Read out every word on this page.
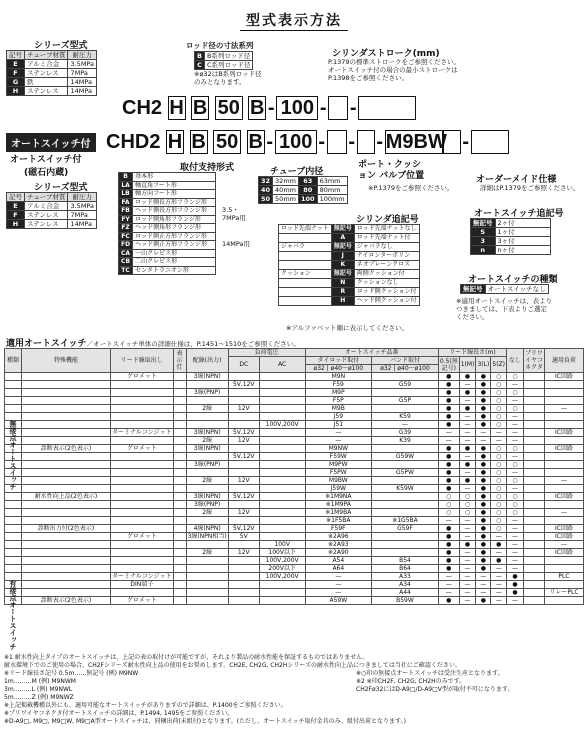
型式表示方法
シリーズ型式
記号	チューブ材質	耐圧力
E	アルミ合金	3.5MPa
F	ステンレス	7MPa
G	鉄	14MPa
H	ステンレス	14MPa
ロッド径の寸法系列
B	B系列ロッド径
C	C系列ロッド径
※ø32はB系列ロッド径
のみとなります。
シリンダストローク(mm)
P.1379の標準ストロークをご参照ください。
オートスイッチ付の場合の最小ストロークは
P.1398をご参照ください。
CH2 H B 50 B - 100 - -
オートスイッチ付 CHD2 H B 50 B - 100 - - - M9BW -
オートスイッチ付
(磁石内蔵)
シリーズ型式
記号	チューブ材質	耐圧力
E	アルミ合金	3.5MPa
F	ステンレス	7MPa
H	ステンレス	14MPa
取付支持形式
B	基本形
LA	軸直角フート形
LB	軸方向フート形
FA	ロッド側長方形フランジ形
FB	ヘッド側長方形フランジ形
FY	ロッド側角形フランジ形
FZ	ヘッド側角形フランジ形
FC	ロッド側正方形フランジ形
FD	ヘッド側正方形フランジ形
CA	一山クレビス形
CB	二山クレビス形
TC	センタトラニオン形
3.5・7MPa用
14MPa用
チューブ内径
32	32mm	63	63mm
40	40mm	80	80mm
50	50mm	100	100mm
ポート・クッション バルブ位置
※P.1379をご参照ください。
シリンダ追記号
ロッド先端ナット	無記号	ロッド先端ナットなし
	A	ロッド先端ナット付
ジャバラ	無記号	ジャバラなし
	J	ナイロンターポリン
	K	ネオプレーンクロス
クッション	無記号	両側クッション付
	N	クッションなし
	R	ロッド側クッション付
	H	ヘッド側クッション付
※アルファベット順に表示してください。
オーダーメイド仕様
詳細はP.1379をご参照ください。
オートスイッチ追記号
無記号	2ヶ付
S	1ヶ付
3	3ヶ付
n	nヶ付
オートスイッチの種類
無記号	オートスイッチなし
※適用オートスイッチは、表より
つきましては、下表よりご選定
ください。
適用オートスイッチ／オートスイッチ単体の詳細仕様は、P.1451〜1510をご参照ください。
種類	特殊機能	リード線取出し	表示灯	配線(出力)	負荷電圧		オートスイッチ品番		リード線長さ(m)				なし	プリワイヤコネクタ	適用負荷
					DC	AC	タイロッド取付	バンド取付	0.5(無記号)	1(M)	3(L)	5(Z)			
							ø32 | ø40〜ø100	ø32 | ø40〜ø100							
		グロメット		3線(NPN)			M9N		●	●	●	○	○		IC回路
					5V,12V		F59	G59	●	—	●	○	—		
				3線(PNP)			M9P		●	●	●	○	○		
							F5P	G5P	●	—	●	○	—		
				2線	12V		M9B		●	●	●	○	○		—
							J59	K59	●	—	●	○	—		
						100V,200V	J51	—	●	—	●	○	—		
		ターミナルコンジット		3線(NPN)	5V,12V		—	G39	—	—	—	—	—		IC回路
				2線	12V		—	K39	—	—	—	—	—		
	診断表示(2色表示)	グロメット		3線(NPN)			M9NW		●	●	●	○	○		IC回路
					5V,12V		F59W	G59W	●	—	●	○	—		
				3線(PNP)			M9PW		●	●	●	○	○		
							F5PW	G5PW	●	—	●	○	—		
				2線	12V		M9BW		●	●	●	○	○		—
							J59W	K59W	●	—	●	○	—		
	耐水性向上品(2色表示)			3線(NPN)	5V,12V		※1M9NA		○	○	●	○	○		IC回路
				3線(PNP)			※1M9PA		○	○	●	○	○		
				2線	12V		※1M9BA		○	○	●	○	○		—
							※1F5BA	※1G5BA	—	—	●	○	—		
	診断出力付(2色表示)			4線(NPN)	5V,12V		F59F	G59F	●	—	●	○	—		IC回路
		グロメット		3線(NPN相当)	5V		※2A96		●	—	●	—	—		IC回路
						100V	※2A93		●	●	●	●	—		—
				2線	12V	100V以下	※2A90		●	—	●	—	—		IC回路
						100V,200V	A54	B54	●	—	●	●	—		
						200V以下	A64	B64	●	—	●	—	—		
		ターミナルコンジット				100V,200V	—	A33	—	—	—	—	●		PLC
		DIN端子					—	A34	—	—	—	—	●		
							—	A44	—	—	—	—	●		リレーPLC
	診断表示(2色表示)	グロメット					A59W	B59W	●	—	●	—	—		
無接点オートスイッチ
有接点オートスイッチ
※1 耐水性向上タイプのオートスイッチは、上記の表の取付けが可能ですが、それより製品の耐水性能を保証するものではありません。
耐水環境下でのご使用の場合、CH2Fシリーズ耐水性向上品の使用をお奨めします。CH2E, CH2G, CH2Hシリーズの耐水性向上品につきましては当社にご確認ください。
※リード線長さ記号 0.5m……無記号 (例) M9NW
1m………M (例) M9NWM
3m………L (例) M9NWL
5m………Z (例) M9NWZ
※上記掲載機種以外にも、適用可能なオートスイッチがありますので詳細は、P.1400をご参照ください。
※プリワイヤコネクタ付オートスイッチの詳細は、P.1494, 1495をご参照ください。
※D-A9□, M9□, M9□W, M9□A型オートスイッチは、同梱出荷(未組付)となります。(ただし、オートスイッチ取付金具のみ、組付出荷となります。)
※○印の無接点オートスイッチは受注生産となります。
※2 ※印CH2F, CH2G, CH2Hのみです。
CH2Fø32にはD-A9□/D-A9□V型が取付不可になります。
